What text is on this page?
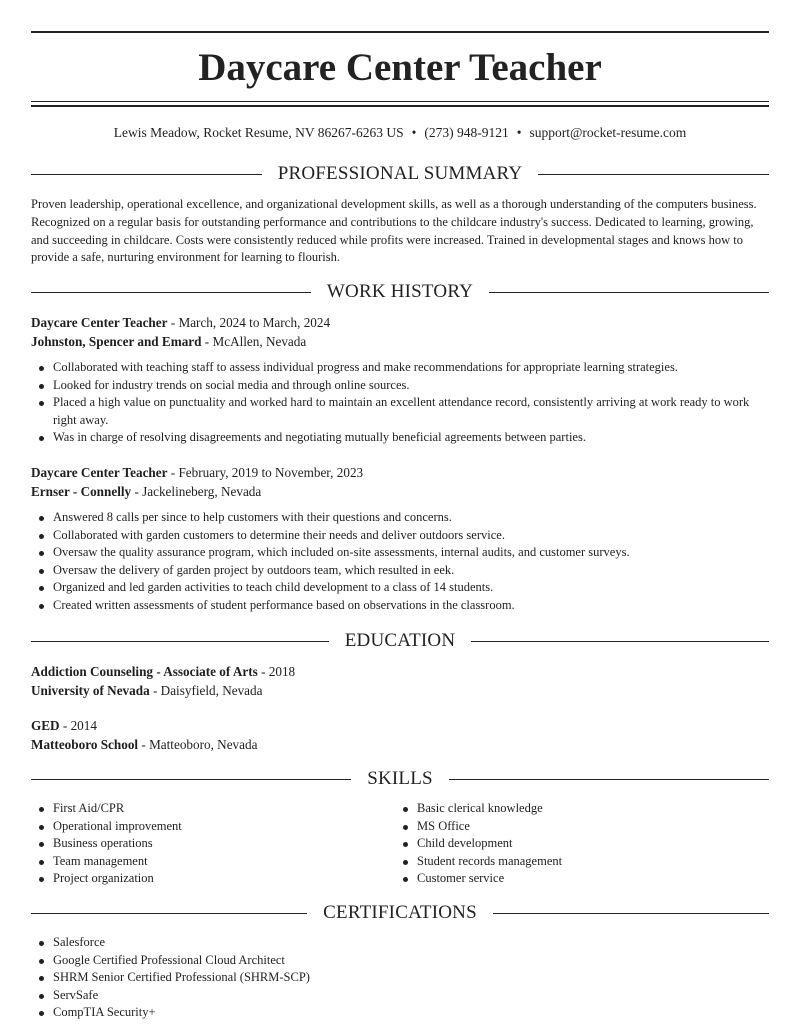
Daycare Center Teacher
Lewis Meadow, Rocket Resume, NV 86267-6263 US • (273) 948-9121 • support@rocket-resume.com
PROFESSIONAL SUMMARY

Proven leadership, operational excellence, and organizational development skills, as well as a thorough understanding of the computers business. Recognized on a regular basis for outstanding performance and contributions to the childcare industry's success. Dedicated to learning, growing, and succeeding in childcare. Costs were consistently reduced while profits were increased. Trained in developmental stages and knows how to provide a safe, nurturing environment for learning to flourish.

WORK HISTORY
Daycare Center Teacher - March, 2024 to March, 2024
Johnston, Spencer and Emard - McAllen, Nevada
Collaborated with teaching staff to assess individual progress and make recommendations for appropriate learning strategies.
Looked for industry trends on social media and through online sources.
Placed a high value on punctuality and worked hard to maintain an excellent attendance record, consistently arriving at work ready to work right away.
Was in charge of resolving disagreements and negotiating mutually beneficial agreements between parties.
Daycare Center Teacher - February, 2019 to November, 2023
Ernser - Connelly - Jackelineberg, Nevada
Answered 8 calls per since to help customers with their questions and concerns.
Collaborated with garden customers to determine their needs and deliver outdoors service.
Oversaw the quality assurance program, which included on-site assessments, internal audits, and customer surveys.
Oversaw the delivery of garden project by outdoors team, which resulted in eek.
Organized and led garden activities to teach child development to a class of 14 students.
Created written assessments of student performance based on observations in the classroom.
EDUCATION
Addiction Counseling - Associate of Arts - 2018
University of Nevada - Daisyfield, Nevada
GED - 2014
Matteoboro School - Matteoboro, Nevada
SKILLS
First Aid/CPR
Operational improvement
Business operations
Team management
Project organization
Basic clerical knowledge
MS Office
Child development
Student records management
Customer service
CERTIFICATIONS
Salesforce
Google Certified Professional Cloud Architect
SHRM Senior Certified Professional (SHRM-SCP)
ServSafe
CompTIA Security+
